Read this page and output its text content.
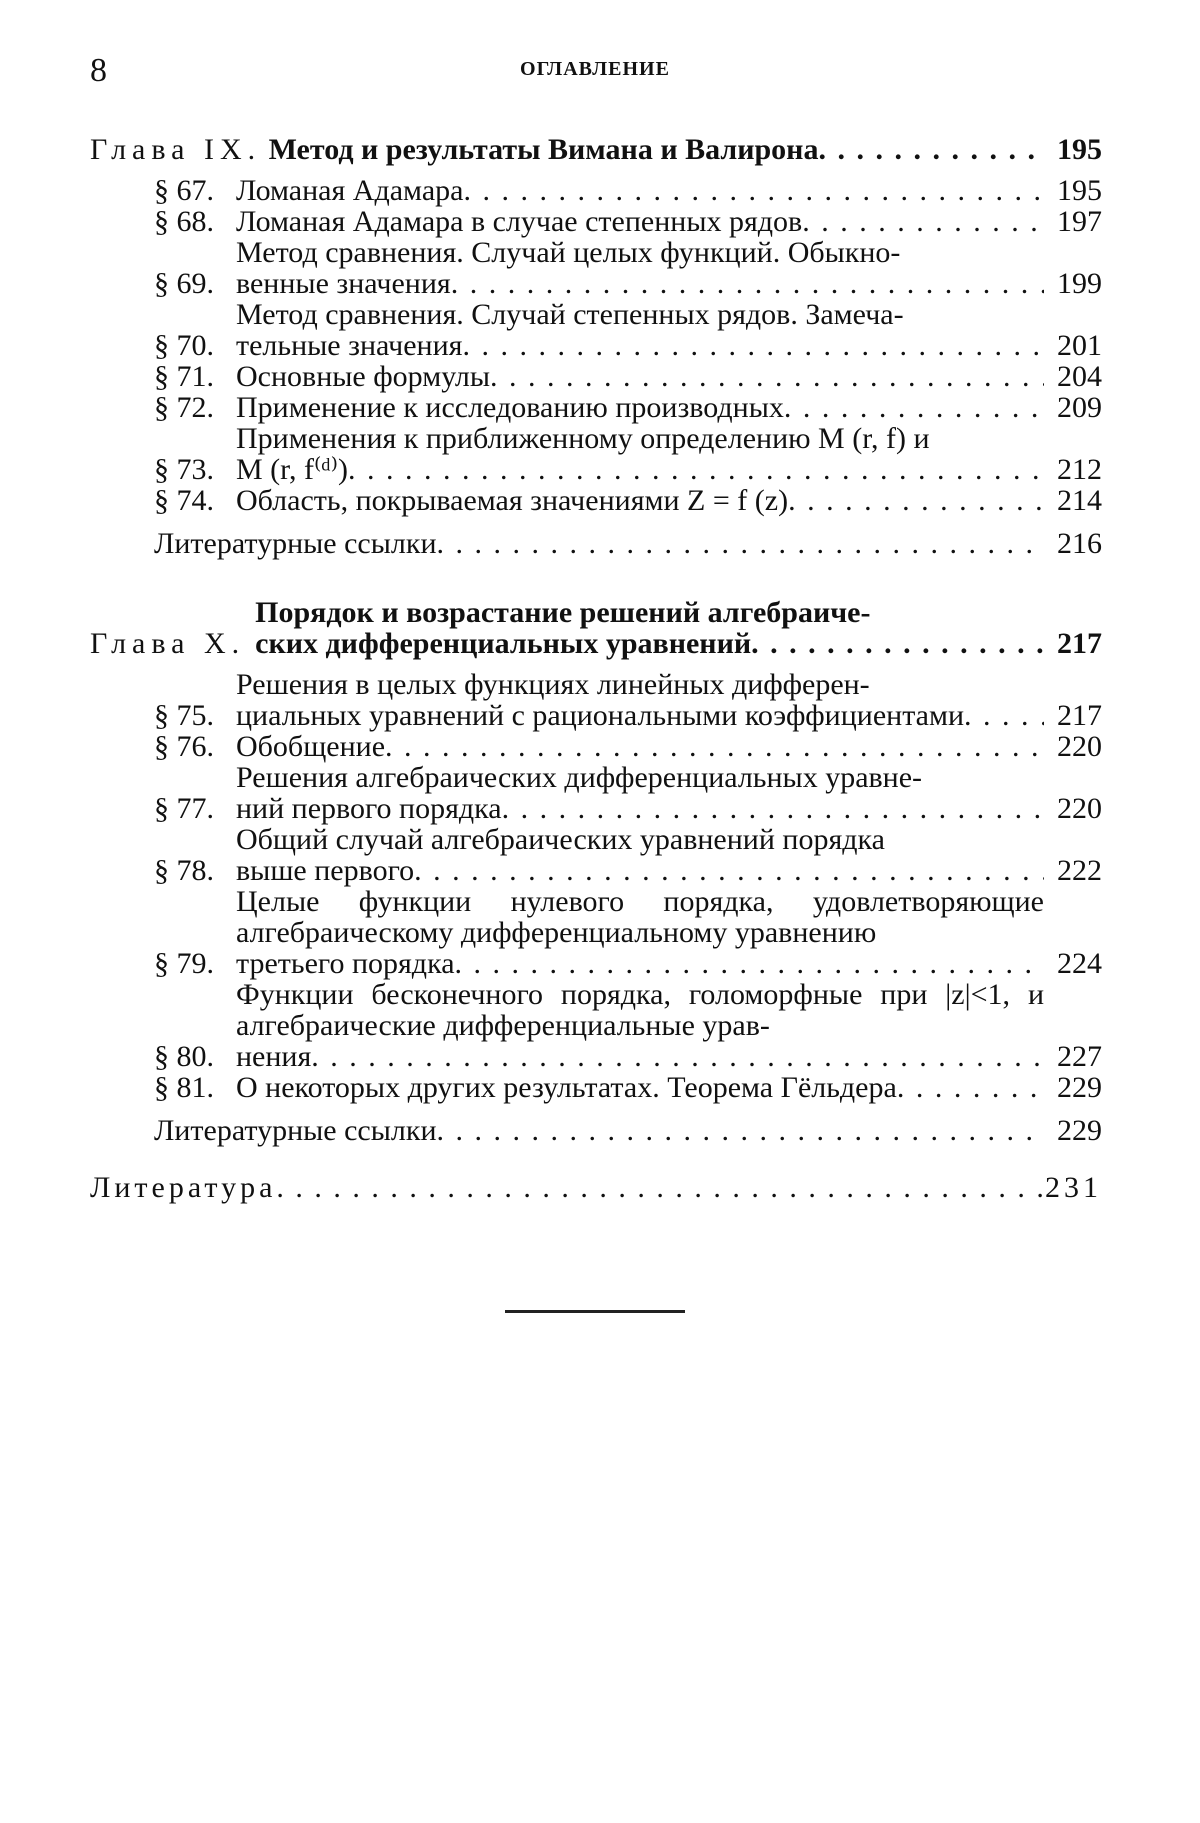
8	ОГЛАВЛЕНИЕ
Глава IX. Метод и результаты Вимана и Валирона . . .	195
§ 67. Ломаная Адамара . . .	195
§ 68. Ломаная Адамара в случае степенных рядов . . .	197
§ 69.
Метод сравнения. Случай целых функций. Обыкно-
венные значения . . .	199
§ 70.
Метод сравнения. Случай степенных рядов. Замеча-
тельные значения . . .	201
§ 71. Основные формулы . . .	204
§ 72. Применение к исследованию производных . . .	209
§ 73.
Применения к приближенному определению M (r, f) и
M (r, f⁽ᵈ⁾) . . .	212
§ 74. Область, покрываемая значениями Z = f (z) . . .	214
Литературные ссылки . . .	216
Глава X.
Порядок и возрастание решений алгебраиче-
ских дифференциальных уравнений . . .	217
§ 75.
Решения в целых функциях линейных дифферен-
циальных уравнений с рациональными коэффициентами . . .	217
§ 76. Обобщение . . .	220
§ 77.
Решения алгебраических дифференциальных уравне-
ний первого порядка . . .	220
§ 78.
Общий случай алгебраических уравнений порядка
выше первого . . .	222
§ 79.
Целые функции нулевого порядка, удовлетворяющие алгебраическому дифференциальному уравнению
третьего порядка . . .	224
§ 80.
Функции бесконечного порядка, голоморфные при |z|<1, и алгебраические дифференциальные урав-
нения . . .	227
§ 81. О некоторых других результатах. Теорема Гёльдера . . .	229
Литературные ссылки . . .	229
Литература . . .	231
